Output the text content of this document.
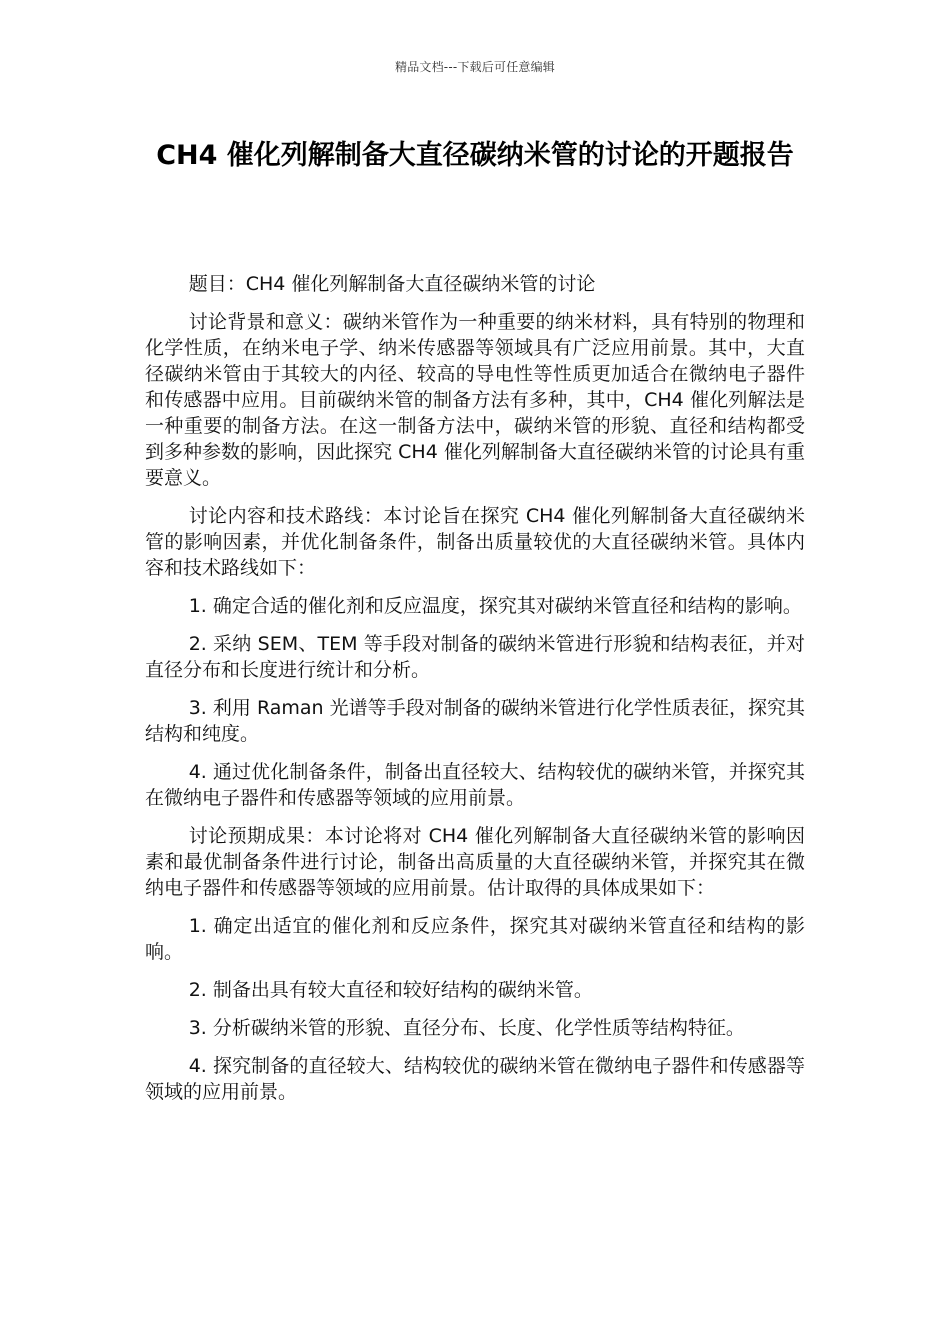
精品文档---下载后可任意编辑
CH4 催化列解制备大直径碳纳米管的讨论的开题报告

题目：CH4 催化列解制备大直径碳纳米管的讨论

讨论背景和意义：碳纳米管作为一种重要的纳米材料，具有特别的物理和化学性质，在纳米电子学、纳米传感器等领域具有广泛应用前景。其中，大直径碳纳米管由于其较大的内径、较高的导电性等性质更加适合在微纳电子器件和传感器中应用。目前碳纳米管的制备方法有多种，其中，CH4 催化列解法是一种重要的制备方法。在这一制备方法中，碳纳米管的形貌、直径和结构都受到多种参数的影响，因此探究 CH4 催化列解制备大直径碳纳米管的讨论具有重要意义。

讨论内容和技术路线：本讨论旨在探究 CH4 催化列解制备大直径碳纳米管的影响因素，并优化制备条件，制备出质量较优的大直径碳纳米管。具体内容和技术路线如下：

1. 确定合适的催化剂和反应温度，探究其对碳纳米管直径和结构的影响。

2. 采纳 SEM、TEM 等手段对制备的碳纳米管进行形貌和结构表征，并对直径分布和长度进行统计和分析。

3. 利用 Raman 光谱等手段对制备的碳纳米管进行化学性质表征，探究其结构和纯度。

4. 通过优化制备条件，制备出直径较大、结构较优的碳纳米管，并探究其在微纳电子器件和传感器等领域的应用前景。

讨论预期成果：本讨论将对 CH4 催化列解制备大直径碳纳米管的影响因素和最优制备条件进行讨论，制备出高质量的大直径碳纳米管，并探究其在微纳电子器件和传感器等领域的应用前景。估计取得的具体成果如下：

1. 确定出适宜的催化剂和反应条件，探究其对碳纳米管直径和结构的影响。

2. 制备出具有较大直径和较好结构的碳纳米管。

3. 分析碳纳米管的形貌、直径分布、长度、化学性质等结构特征。

4. 探究制备的直径较大、结构较优的碳纳米管在微纳电子器件和传感器等领域的应用前景。
